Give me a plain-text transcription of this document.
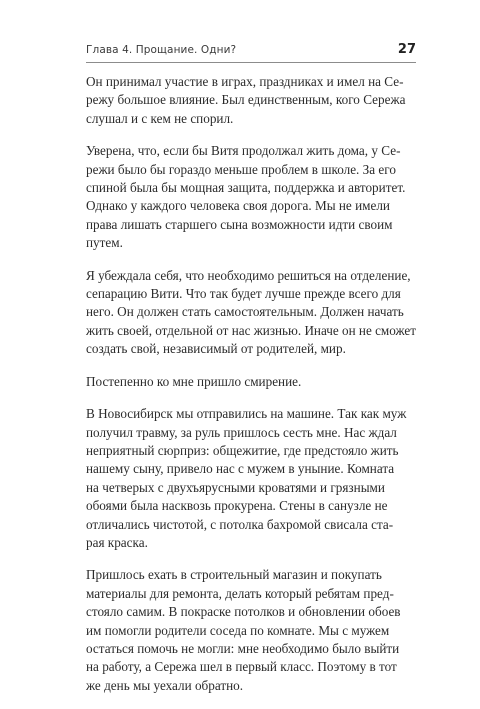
Глава 4. Прощание. Одни?	27

Он принимал участие в играх, праздниках и имел на Се-
режу большое влияние. Был единственным, кого Сережа
слушал и с кем не спорил.

Уверена, что, если бы Витя продолжал жить дома, у Се-
режи было бы гораздо меньше проблем в школе. За его
спиной была бы мощная защита, поддержка и авторитет.
Однако у каждого человека своя дорога. Мы не имели
права лишать старшего сына возможности идти своим
путем.

Я убеждала себя, что необходимо решиться на отделение,
сепарацию Вити. Что так будет лучше прежде всего для
него. Он должен стать самостоятельным. Должен начать
жить своей, отдельной от нас жизнью. Иначе он не сможет
создать свой, независимый от родителей, мир.

Постепенно ко мне пришло смирение.

В Новосибирск мы отправились на машине. Так как муж
получил травму, за руль пришлось сесть мне. Нас ждал
неприятный сюрприз: общежитие, где предстояло жить
нашему сыну, привело нас с мужем в уныние. Комната
на четверых с двухъярусными кроватями и грязными
обоями была насквозь прокурена. Стены в санузле не
отличались чистотой, с потолка бахромой свисала ста-
рая краска.

Пришлось ехать в строительный магазин и покупать
материалы для ремонта, делать который ребятам пред-
стояло самим. В покраске потолков и обновлении обоев
им помогли родители соседа по комнате. Мы с мужем
остаться помочь не могли: мне необходимо было выйти
на работу, а Сережа шел в первый класс. Поэтому в тот
же день мы уехали обратно.
